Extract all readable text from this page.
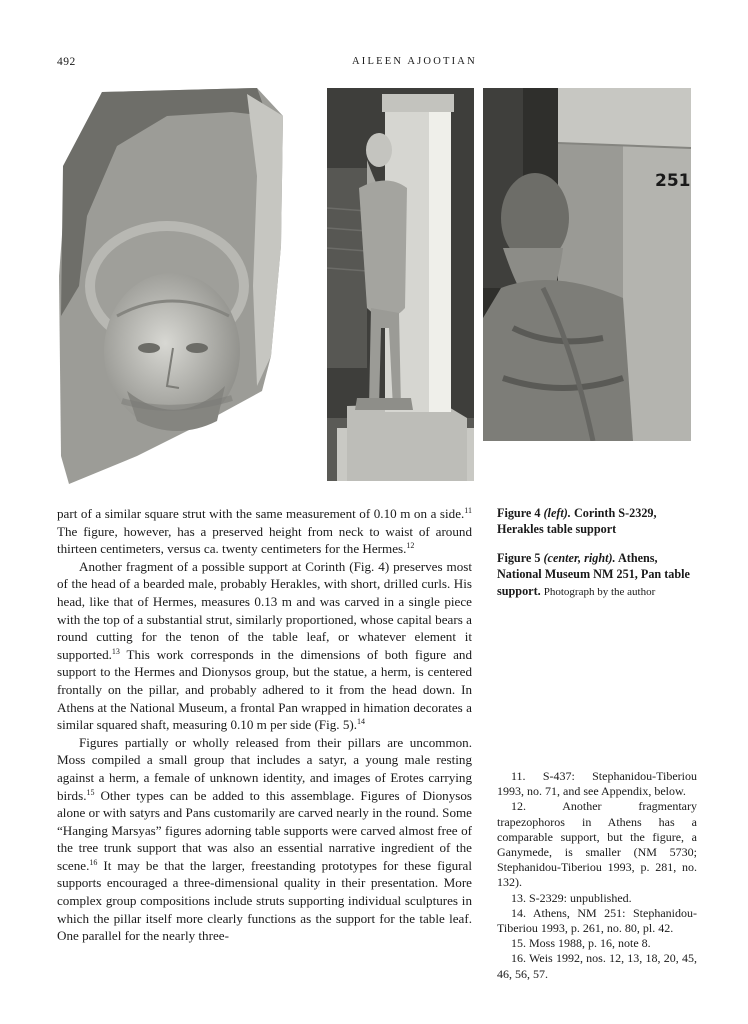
492	AILEEN AJOOTIAN
251

part of a similar square strut with the same measurement of 0.10 m on a side.$^{11}$ The figure, however, has a preserved height from neck to waist of around thirteen centimeters, versus ca. twenty centimeters for the Hermes.$^{12}$

Another fragment of a possible support at Corinth (Fig. 4) preserves most of the head of a bearded male, probably Herakles, with short, drilled curls. His head, like that of Hermes, measures 0.13 m and was carved in a single piece with the top of a substantial strut, similarly proportioned, whose capital bears a round cutting for the tenon of the table leaf, or whatever element it supported.$^{13}$ This work corresponds in the dimensions of both figure and support to the Hermes and Dionysos group, but the statue, a herm, is centered frontally on the pillar, and probably adhered to it from the head down. In Athens at the National Museum, a frontal Pan wrapped in himation decorates a similar squared shaft, measuring 0.10 m per side (Fig. 5).$^{14}$

Figures partially or wholly released from their pillars are uncommon. Moss compiled a small group that includes a satyr, a young male resting against a herm, a female of unknown identity, and images of Erotes carrying birds.$^{15}$ Other types can be added to this assemblage. Figures of Dionysos alone or with satyrs and Pans customarily are carved nearly in the round. Some “Hanging Marsyas” figures adorning table supports were carved almost free of the tree trunk support that was also an essential narrative ingredient of the scene.$^{16}$ It may be that the larger, freestanding prototypes for these figural supports encouraged a three-dimensional quality in their presentation. More complex group compositions include struts supporting individual sculptures in which the pillar itself more clearly functions as the support for the table leaf. One parallel for the nearly three-

Figure 4 (left). Corinth S-2329, Herakles table support

Figure 5 (center, right). Athens, National Museum NM 251, Pan table support. Photograph by the author

11. S-437: Stephanidou-Tiberiou 1993, no. 71, and see Appendix, below.

12. Another fragmentary trapezophoros in Athens has a comparable support, but the figure, a Ganymede, is smaller (NM 5730; Stephanidou-Tiberiou 1993, p. 281, no. 132).

13. S-2329: unpublished.

14. Athens, NM 251: Stephanidou-Tiberiou 1993, p. 261, no. 80, pl. 42.

15. Moss 1988, p. 16, note 8.

16. Weis 1992, nos. 12, 13, 18, 20, 45, 46, 56, 57.
